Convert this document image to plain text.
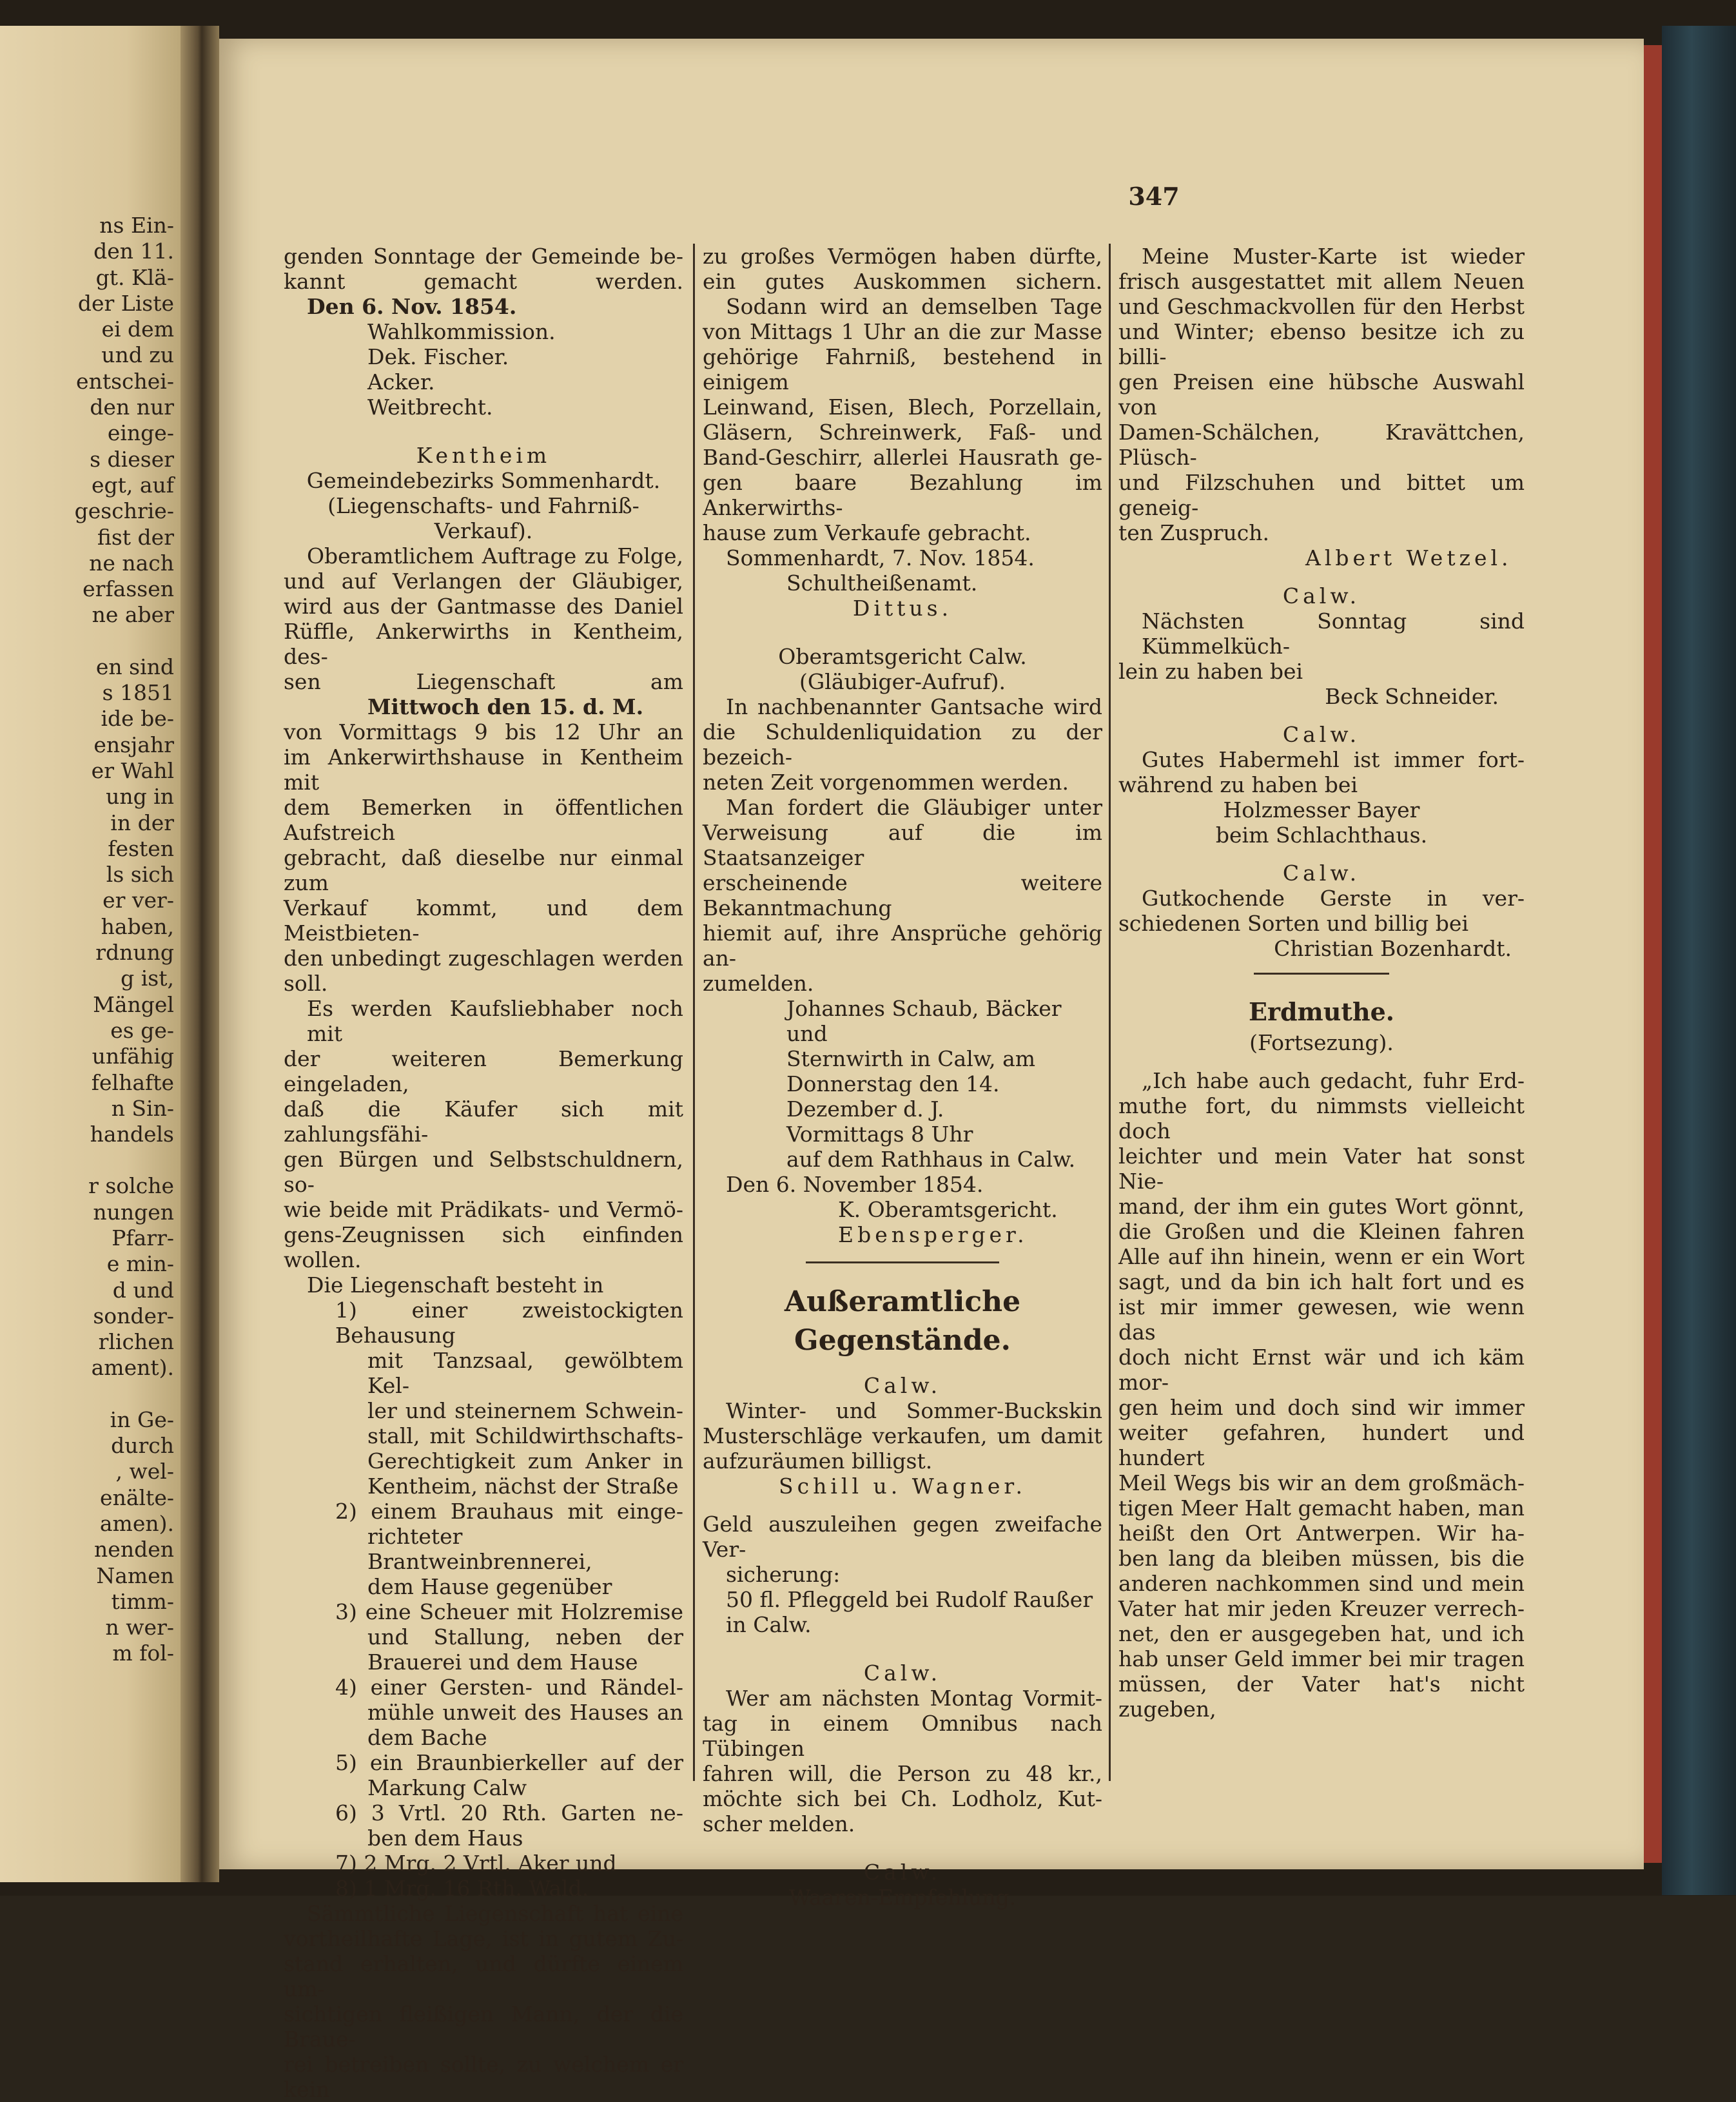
ns Ein-

den 11.

gt. Klä-

der Liste

ei dem

und zu

entschei-

den nur

einge-

s dieser

egt, auf

geschrie-

fist der

ne nach

erfassen

ne aber

en sind

s 1851

ide be-

ensjahr

er Wahl

ung in

in der

festen

ls sich

er ver-

haben,

rdnung

g ist,

Mängel

es ge-

unfähig

felhafte

n Sin-

handels

r solche

nungen

Pfarr-

e min-

d und

sonder-

rlichen

ament).

in Ge-

durch

, wel-

enälte-

amen).

nenden

Namen

timm-

n wer-

m fol-

347

genden Sonntage der Gemeinde be-

kannt gemacht werden.

Den 6. Nov. 1854.

Wahlkommission.

Dek. Fischer.

Acker.

Weitbrecht.

Kentheim

Gemeindebezirks Sommenhardt.

(Liegenschafts- und Fahrniß-Verkauf).

Oberamtlichem Auftrage zu Folge,

und auf Verlangen der Gläubiger,

wird aus der Gantmasse des Daniel

Rüffle, Ankerwirths in Kentheim, des-

sen Liegenschaft am

Mittwoch den 15. d. M.

von Vormittags 9 bis 12 Uhr an

im Ankerwirthshause in Kentheim mit

dem Bemerken in öffentlichen Aufstreich

gebracht, daß dieselbe nur einmal zum

Verkauf kommt, und dem Meistbieten-

den unbedingt zugeschlagen werden

soll.

Es werden Kaufsliebhaber noch mit

der weiteren Bemerkung eingeladen,

daß die Käufer sich mit zahlungsfähi-

gen Bürgen und Selbstschuldnern, so-

wie beide mit Prädikats- und Vermö-

gens-Zeugnissen sich einfinden wollen.

Die Liegenschaft besteht in

1) einer zweistockigten Behausung

mit Tanzsaal, gewölbtem Kel-

ler und steinernem Schwein-

stall, mit Schildwirthschafts-

Gerechtigkeit zum Anker in

Kentheim, nächst der Straße

2) einem Brauhaus mit einge-

richteter Brantweinbrennerei,

dem Hause gegenüber

3) eine Scheuer mit Holzremise

und Stallung, neben der

Brauerei und dem Hause

4) einer Gersten- und Rändel-

mühle unweit des Hauses an

dem Bache

5) ein Braunbierkeller auf der

Markung Calw

6) 3 Vrtl. 20 Rth. Garten ne-

ben dem Haus

7) 2 Mrg. 2 Vrtl. Aker und

8) 1 Mrg. 16 Rth. Wald.

Sämmtliche Liegenschaft hat eine

vortheilhafte Lage, ist in gutem Zu-

stand erhalten, und dürfte einem um-

sichtigen fleißigen Mann, der die Braue-

rei betreiben sollte, zu welchem er kein

zu großes Vermögen haben dürfte,

ein gutes Auskommen sichern.

Sodann wird an demselben Tage

von Mittags 1 Uhr an die zur Masse

gehörige Fahrniß, bestehend in einigem

Leinwand, Eisen, Blech, Porzellain,

Gläsern, Schreinwerk, Faß- und

Band-Geschirr, allerlei Hausrath ge-

gen baare Bezahlung im Ankerwirths-

hause zum Verkaufe gebracht.

Sommenhardt, 7. Nov. 1854.

Schultheißenamt.

Dittus.

Oberamtsgericht Calw.

(Gläubiger-Aufruf).

In nachbenannter Gantsache wird

die Schuldenliquidation zu der bezeich-

neten Zeit vorgenommen werden.

Man fordert die Gläubiger unter

Verweisung auf die im Staatsanzeiger

erscheinende weitere Bekanntmachung

hiemit auf, ihre Ansprüche gehörig an-

zumelden.

Johannes Schaub, Bäcker und

Sternwirth in Calw, am

Donnerstag den 14. Dezember d. J.

Vormittags 8 Uhr

auf dem Rathhaus in Calw.

Den 6. November 1854.

K. Oberamtsgericht.

Ebensperger.

Außeramtliche Gegenstände.

Calw.

Winter- und Sommer-Buckskin

Musterschläge verkaufen, um damit

aufzuräumen billigst.

Schill u. Wagner.

Geld auszuleihen gegen zweifache Ver-

sicherung:

50 fl. Pfleggeld bei Rudolf Raußer

in Calw.

Calw.

Wer am nächsten Montag Vormit-

tag in einem Omnibus nach Tübingen

fahren will, die Person zu 48 kr.,

möchte sich bei Ch. Lodholz, Kut-

scher melden.

Calw.

Waaren-Empfehlung.

Meine Muster-Karte ist wieder

frisch ausgestattet mit allem Neuen

und Geschmackvollen für den Herbst

und Winter; ebenso besitze ich zu billi-

gen Preisen eine hübsche Auswahl von

Damen-Schälchen, Kravättchen, Plüsch-

und Filzschuhen und bittet um geneig-

ten Zuspruch.

Albert Wetzel.

Calw.

Nächsten Sonntag sind Kümmelküch-

lein zu haben bei

Beck Schneider.

Calw.

Gutes Habermehl ist immer fort-

während zu haben bei

Holzmesser Bayer

beim Schlachthaus.

Calw.

Gutkochende Gerste in ver-

schiedenen Sorten und billig bei

Christian Bozenhardt.

Erdmuthe.

(Fortsezung).

„Ich habe auch gedacht, fuhr Erd-

muthe fort, du nimmsts vielleicht doch

leichter und mein Vater hat sonst Nie-

mand, der ihm ein gutes Wort gönnt,

die Großen und die Kleinen fahren

Alle auf ihn hinein, wenn er ein Wort

sagt, und da bin ich halt fort und es

ist mir immer gewesen, wie wenn das

doch nicht Ernst wär und ich käm mor-

gen heim und doch sind wir immer

weiter gefahren, hundert und hundert

Meil Wegs bis wir an dem großmäch-

tigen Meer Halt gemacht haben, man

heißt den Ort Antwerpen. Wir ha-

ben lang da bleiben müssen, bis die

anderen nachkommen sind und mein

Vater hat mir jeden Kreuzer verrech-

net, den er ausgegeben hat, und ich

hab unser Geld immer bei mir tragen

müssen, der Vater hat's nicht zugeben,
